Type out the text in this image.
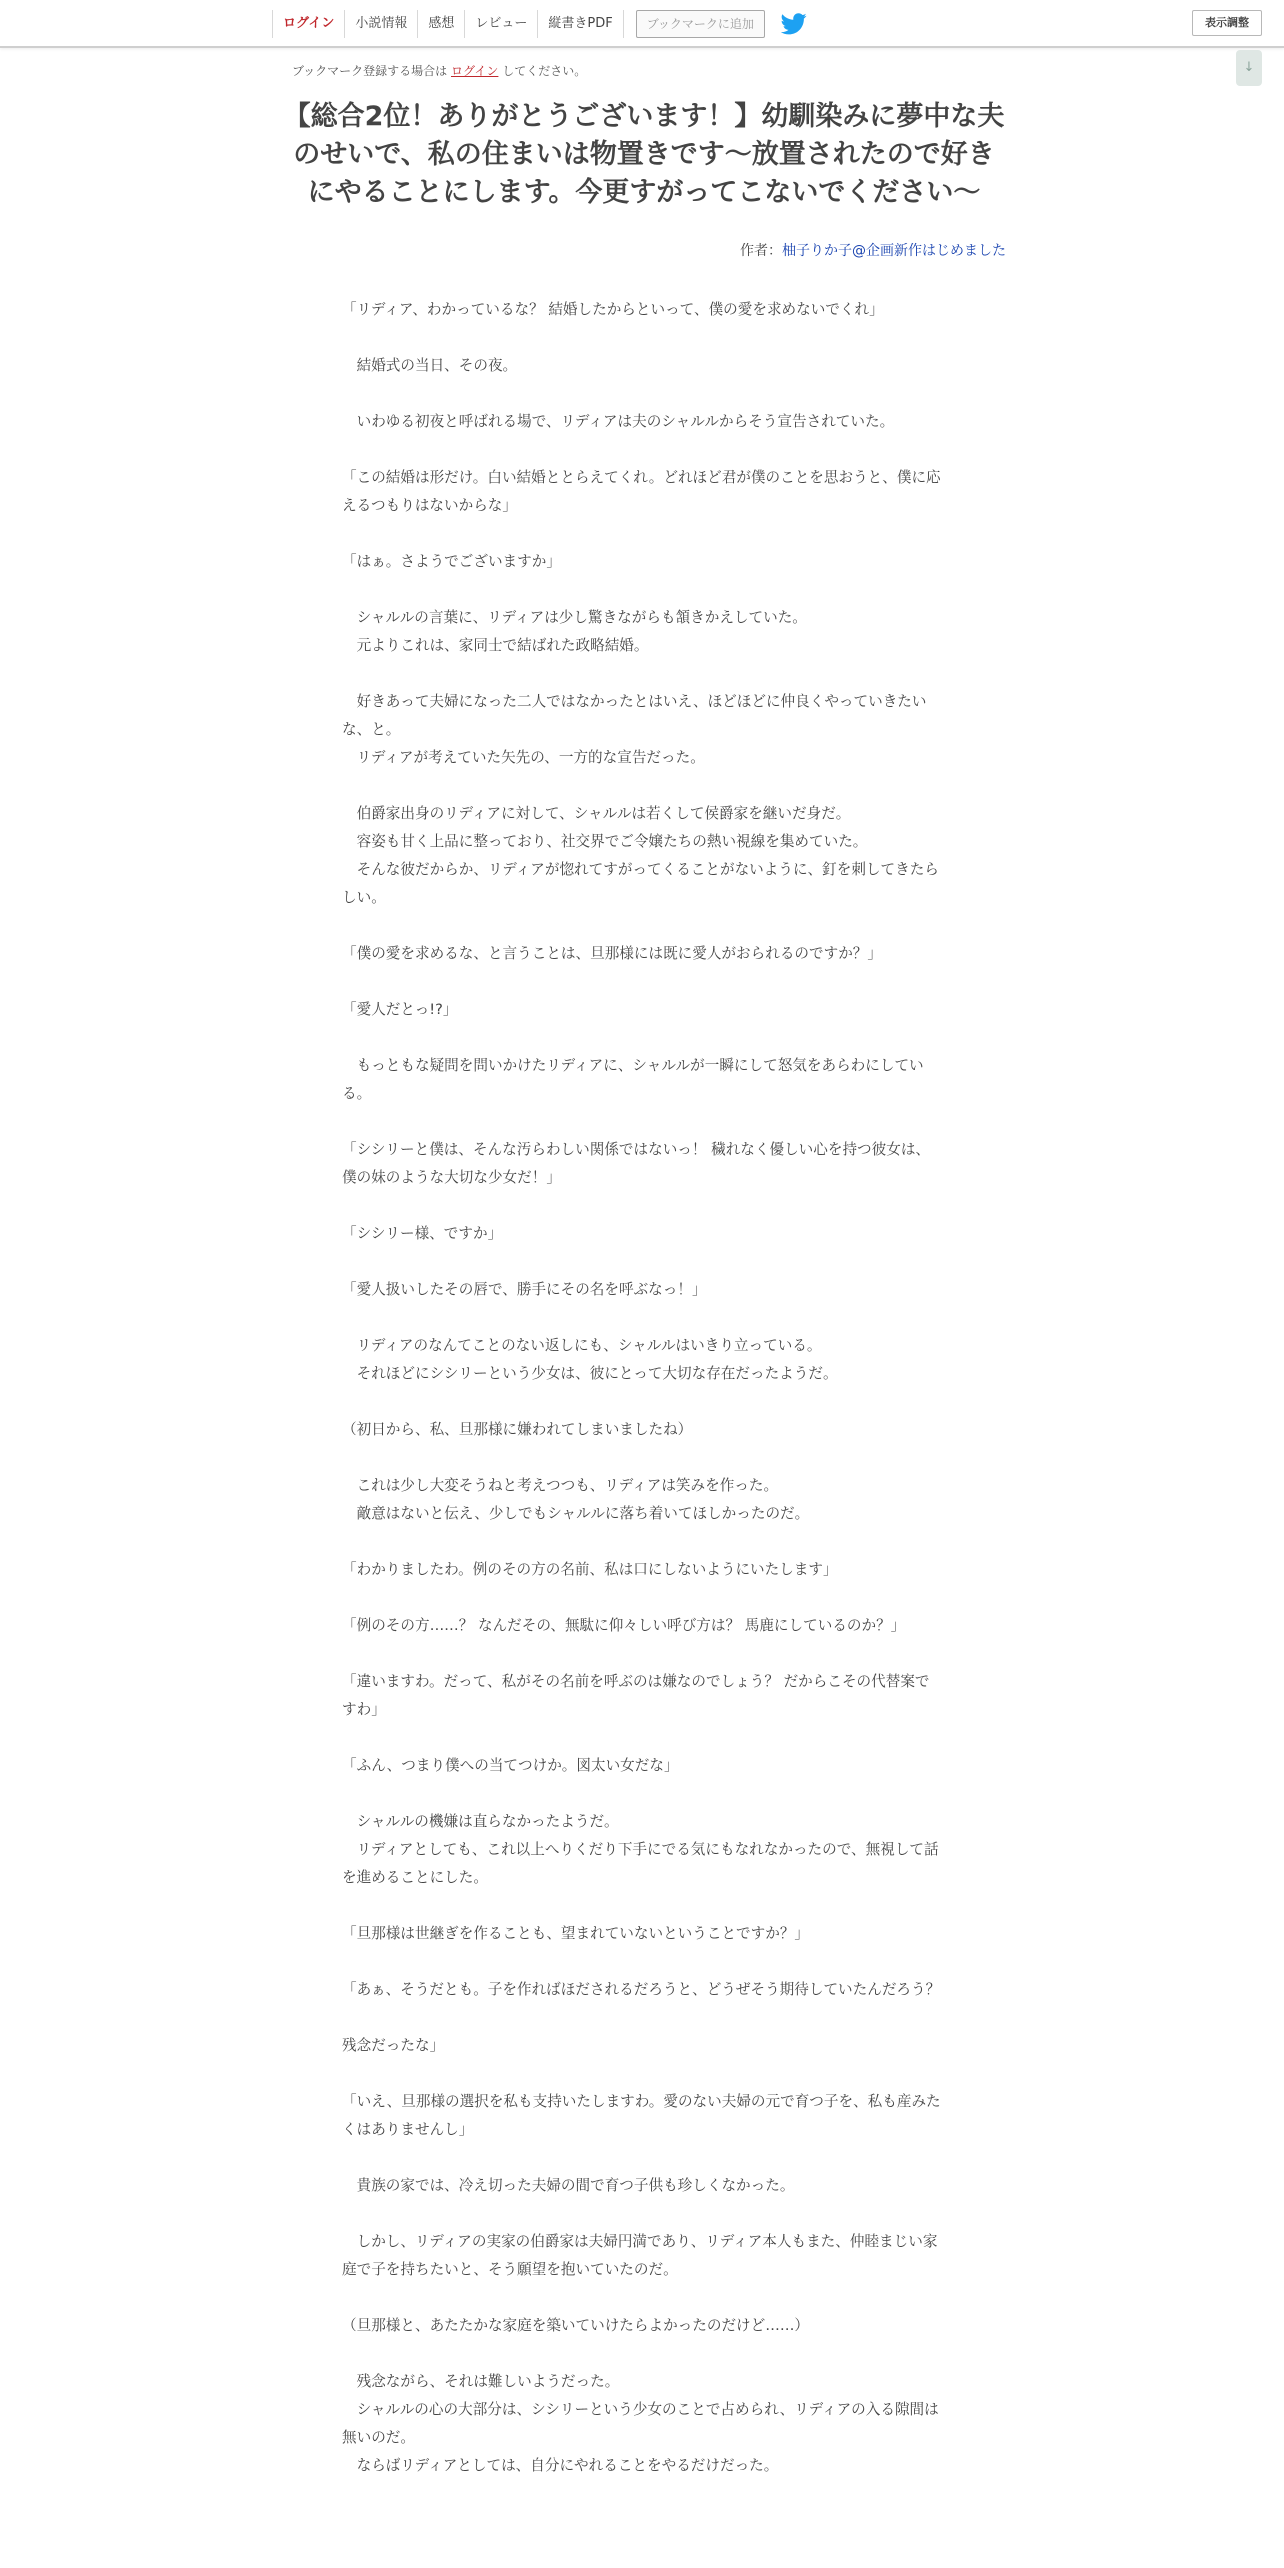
ログイン	小説情報	感想	レビュー	縦書きPDF	ブックマークに追加	表示調整
↓
ブックマーク登録する場合は ログイン してください。
【総合2位！ありがとうございます！】幼馴染みに夢中な夫のせいで、私の住まいは物置きです～放置されたので好きにやることにします。今更すがってこないでください～
作者：柚子りか子@企画新作はじめました

「リディア、わかっているな？ 結婚したからといって、僕の愛を求めないでくれ」

　結婚式の当日、その夜。

　いわゆる初夜と呼ばれる場で、リディアは夫のシャルルからそう宣告されていた。

「この結婚は形だけ。白い結婚ととらえてくれ。どれほど君が僕のことを思おうと、僕に応えるつもりはないからな」

「はぁ。さようでございますか」

　シャルルの言葉に、リディアは少し驚きながらも頷きかえしていた。

　元よりこれは、家同士で結ばれた政略結婚。

　好きあって夫婦になった二人ではなかったとはいえ、ほどほどに仲良くやっていきたいな、と。

　リディアが考えていた矢先の、一方的な宣告だった。

　伯爵家出身のリディアに対して、シャルルは若くして侯爵家を継いだ身だ。

　容姿も甘く上品に整っており、社交界でご令嬢たちの熱い視線を集めていた。

　そんな彼だからか、リディアが惚れてすがってくることがないように、釘を刺してきたらしい。

「僕の愛を求めるな、と言うことは、旦那様には既に愛人がおられるのですか？」

「愛人だとっ!?」

　もっともな疑問を問いかけたリディアに、シャルルが一瞬にして怒気をあらわにしている。

「シシリーと僕は、そんな汚らわしい関係ではないっ！ 穢れなく優しい心を持つ彼女は、僕の妹のような大切な少女だ！」

「シシリー様、ですか」

「愛人扱いしたその唇で、勝手にその名を呼ぶなっ！」

　リディアのなんてことのない返しにも、シャルルはいきり立っている。

　それほどにシシリーという少女は、彼にとって大切な存在だったようだ。

（初日から、私、旦那様に嫌われてしまいましたね）

　これは少し大変そうねと考えつつも、リディアは笑みを作った。

　敵意はないと伝え、少しでもシャルルに落ち着いてほしかったのだ。

「わかりましたわ。例のその方の名前、私は口にしないようにいたします」

「例のその方……？ なんだその、無駄に仰々しい呼び方は？ 馬鹿にしているのか？」

「違いますわ。だって、私がその名前を呼ぶのは嫌なのでしょう？ だからこその代替案ですわ」

「ふん、つまり僕への当てつけか。図太い女だな」

　シャルルの機嫌は直らなかったようだ。

　リディアとしても、これ以上へりくだり下手にでる気にもなれなかったので、無視して話を進めることにした。

「旦那様は世継ぎを作ることも、望まれていないということですか？」

「あぁ、そうだとも。子を作ればほだされるだろうと、どうぜそう期待していたんだろう？

残念だったな」

「いえ、旦那様の選択を私も支持いたしますわ。愛のない夫婦の元で育つ子を、私も産みたくはありませんし」

　貴族の家では、冷え切った夫婦の間で育つ子供も珍しくなかった。

　しかし、リディアの実家の伯爵家は夫婦円満であり、リディア本人もまた、仲睦まじい家庭で子を持ちたいと、そう願望を抱いていたのだ。

（旦那様と、あたたかな家庭を築いていけたらよかったのだけど……）

　残念ながら、それは難しいようだった。

　シャルルの心の大部分は、シシリーという少女のことで占められ、リディアの入る隙間は無いのだ。

　ならばリディアとしては、自分にやれることをやるだけだった。
